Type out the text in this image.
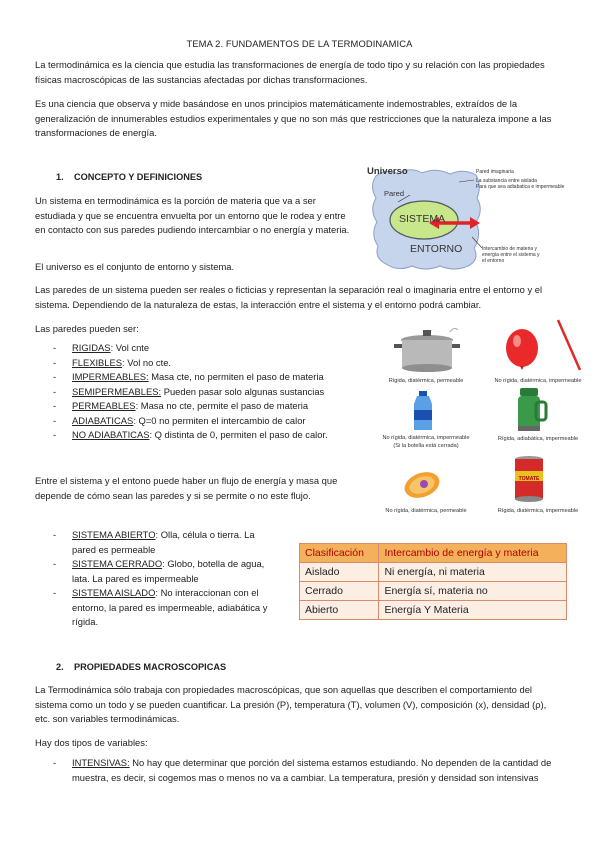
TEMA 2. FUNDAMENTOS DE LA TERMODINAMICA

La termodinámica es la ciencia que estudia las transformaciones de energía de todo tipo y su relación con las propiedades físicas macroscópicas de las sustancias afectadas por dichas transformaciones.

Es una ciencia que observa y mide basándose en unos principios matemáticamente indemostrables, extraídos de la generalización de innumerables estudios experimentales y que no son más que restricciones que la naturaleza impone a las transformaciones de energía.

1. CONCEPTO Y DEFINICIONES

Un sistema en termodinámica es la porción de materia que va a ser estudiada y que se encuentra envuelta por un entorno que le rodea y entre en contacto con sus paredes pudiendo intercambiar o no energía y materia.

El universo es el conjunto de entorno y sistema.

Universo
Pared
SISTEMA
ENTORNO
Pared imaginaria
La substancia entre aislada
Para que sea adiabatica e impermeable
Intercambio de materia y energía entre el sistema y el entorno

Las paredes de un sistema pueden ser reales o ficticias y representan la separación real o imaginaria entre el entorno y el sistema. Dependiendo de la naturaleza de estas, la interacción entre el sistema y el entorno podrá cambiar.

Las paredes pueden ser:

- RIGIDAS: Vol cnte
- FLEXIBLES: Vol no cte.
- IMPERMEABLES: Masa cte, no permiten el paso de materia
- SEMIPERMEABLES: Pueden pasar solo algunas sustancias
- PERMEABLES: Masa no cte, permite el paso de materia
- ADIABATICAS: Q=0 no permiten el intercambio de calor
- NO ADIABATICAS: Q distinta de 0, permiten el paso de calor.
Rígida, diatérmica, permeable	No rígida, diatérmica, impermeable
No rígida, diatérmica, impermeable
(Si la botella está cerrada)
Rígida, adiabática, impermeable
No rígida, diatérmica, permeable
TOMATE
Rígida, diatérmica, impermeable

Entre el sistema y el entono puede haber un flujo de energía y masa que depende de cómo sean las paredes y si se permite o no este flujo.

- SISTEMA ABIERTO: Olla, célula o tierra. La pared es permeable
- SISTEMA CERRADO: Globo, botella de agua, lata. La pared es impermeable
- SISTEMA AISLADO: No interaccionan con el entorno, la pared es impermeable, adiabática y rígida.
Clasificación	Intercambio de energía y materia
Aislado	Ni energía, ni materia
Cerrado	Energía sí, materia no
Abierto	Energía Y Materia
2. PROPIEDADES MACROSCOPICAS

La Termodinámica sólo trabaja con propiedades macroscópicas, que son aquellas que describen el comportamiento del sistema como un todo y se pueden cuantificar. La presión (P), temperatura (T), volumen (V), composición (x), densidad (ρ), etc. son variables termodinámicas.

Hay dos tipos de variables:

- INTENSIVAS: No hay que determinar que porción del sistema estamos estudiando. No dependen de la cantidad de muestra, es decir, si cogemos mas o menos no va a cambiar. La temperatura, presión y densidad son intensivas
